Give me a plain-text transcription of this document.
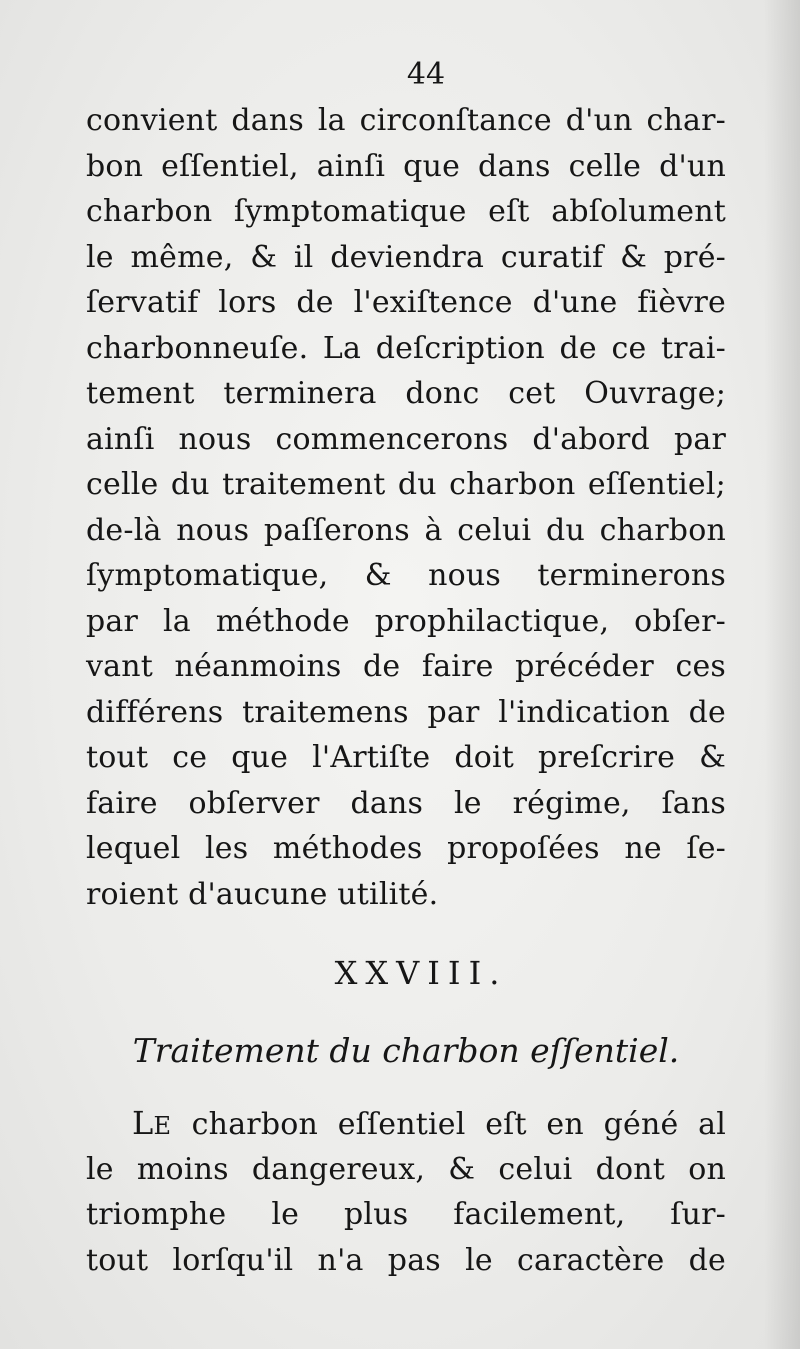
44
convient dans la circonſtance d'un char-
bon eſſentiel, ainſi que dans celle d'un
charbon ſymptomatique eſt abſolument
le même, & il deviendra curatif & pré-
ſervatif lors de l'exiſtence d'une fièvre
charbonneuſe. La deſcription de ce trai-
tement terminera donc cet Ouvrage;
ainſi nous commencerons d'abord par
celle du traitement du charbon eſſentiel;
de-là nous paſſerons à celui du charbon
ſymptomatique, & nous terminerons
par la méthode prophilactique, obſer-
vant néanmoins de faire précéder ces
différens traitemens par l'indication de
tout ce que l'Artiſte doit preſcrire &
faire obſerver dans le régime, ſans
lequel les méthodes propoſées ne ſe-
roient d'aucune utilité.
XXVIII.
Traitement du charbon eſſentiel.
LE charbon eſſentiel eſt en géné al
le moins dangereux, & celui dont on
triomphe le plus facilement, ſur-
tout lorſqu'il n'a pas le caractère de
